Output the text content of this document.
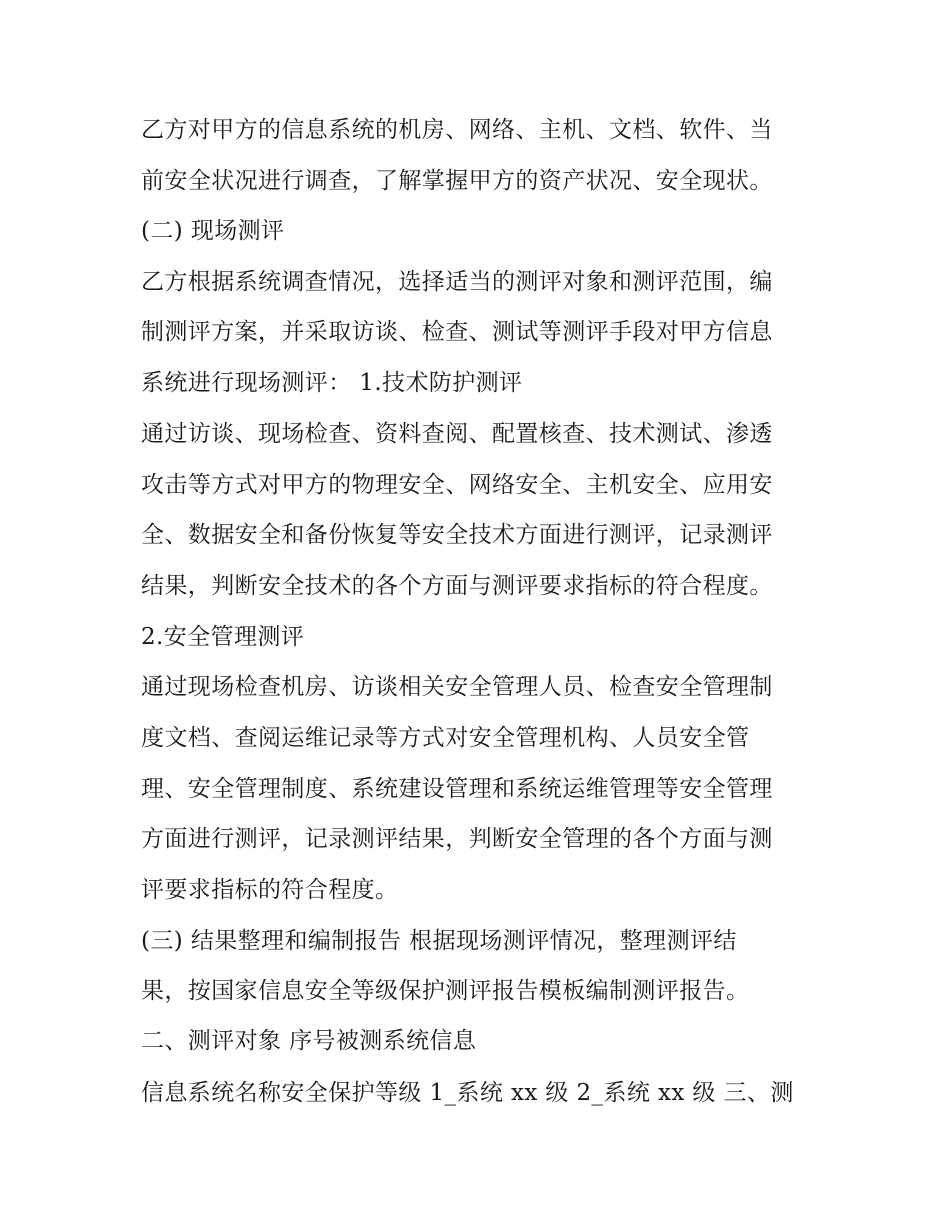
乙方对甲方的信息系统的机房、网络、主机、文档、软件、当
前安全状况进行调查，了解掌握甲方的资产状况、安全现状。
(二) 现场测评
乙方根据系统调查情况，选择适当的测评对象和测评范围，编
制测评方案，并采取访谈、检查、测试等测评手段对甲方信息
系统进行现场测评： 1.技术防护测评
通过访谈、现场检查、资料查阅、配置核查、技术测试、渗透
攻击等方式对甲方的物理安全、网络安全、主机安全、应用安
全、数据安全和备份恢复等安全技术方面进行测评，记录测评
结果，判断安全技术的各个方面与测评要求指标的符合程度。
2.安全管理测评
通过现场检查机房、访谈相关安全管理人员、检查安全管理制
度文档、查阅运维记录等方式对安全管理机构、人员安全管
理、安全管理制度、系统建设管理和系统运维管理等安全管理
方面进行测评，记录测评结果，判断安全管理的各个方面与测
评要求指标的符合程度。
(三) 结果整理和编制报告 根据现场测评情况，整理测评结
果，按国家信息安全等级保护测评报告模板编制测评报告。
二、测评对象 序号被测系统信息
信息系统名称安全保护等级 1_系统 xx 级 2_系统 xx 级 三、测
